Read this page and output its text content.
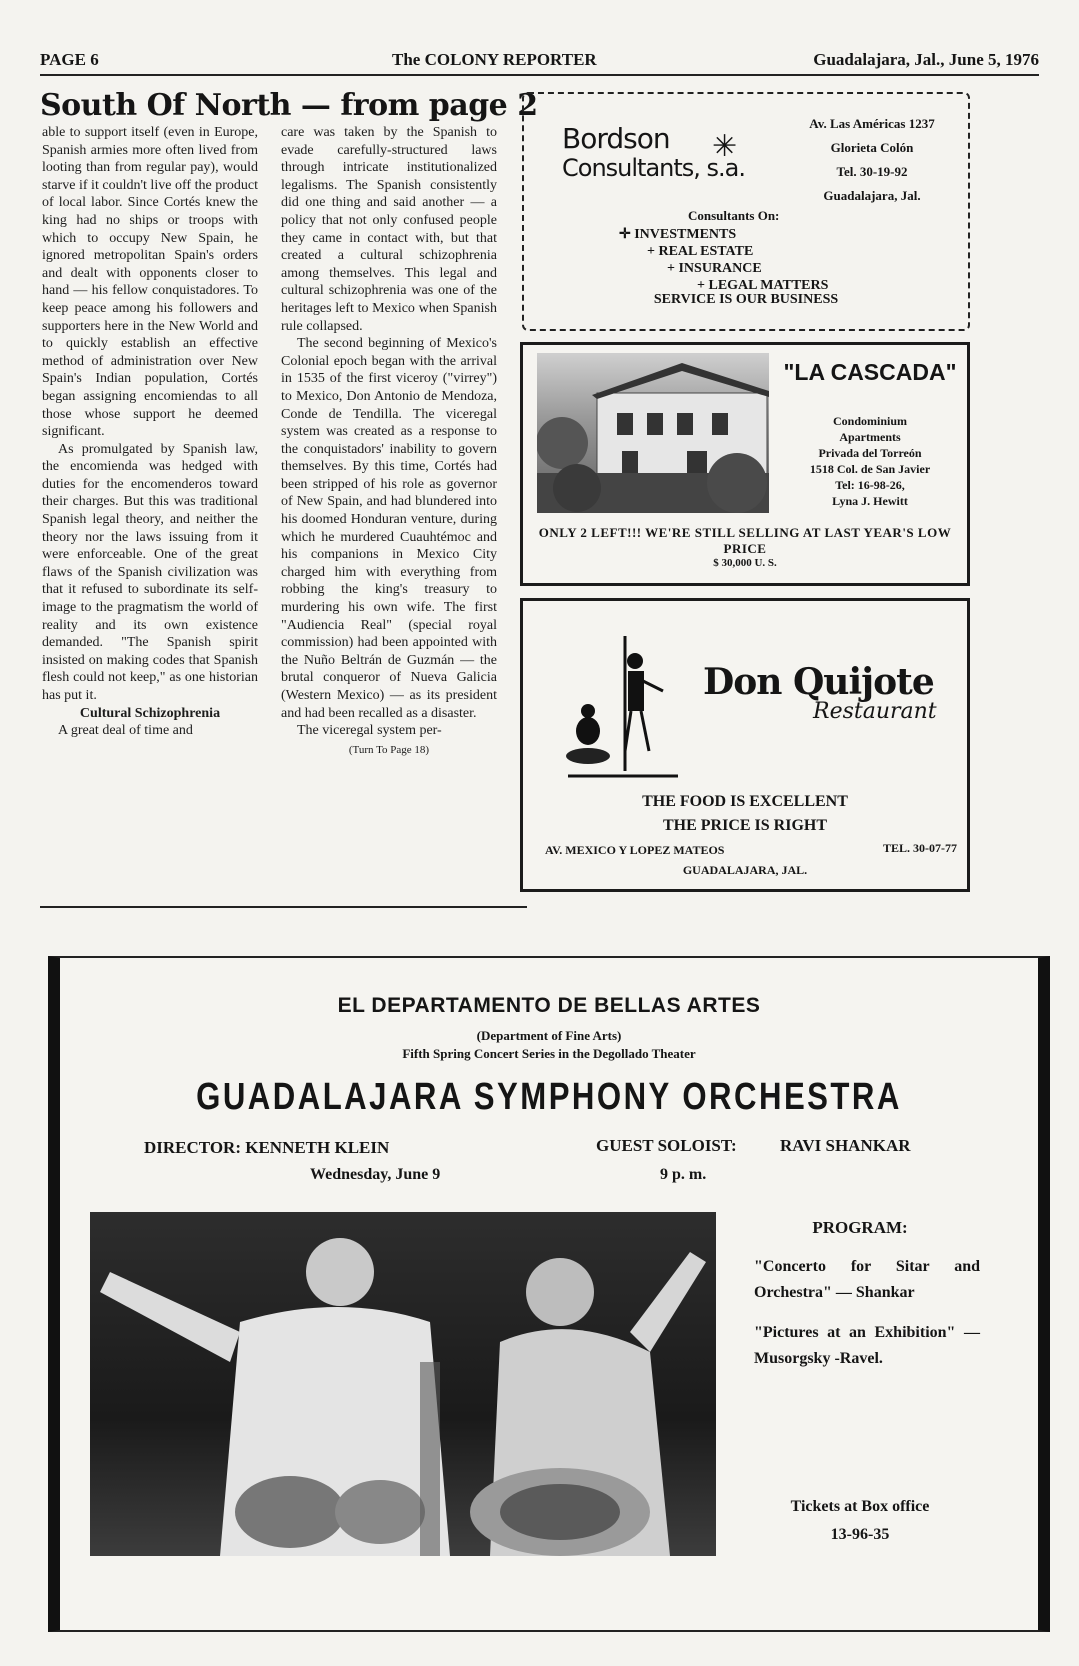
PAGE 6	The COLONY REPORTER	Guadalajara, Jal., June 5, 1976
South Of North — from page 2

able to support itself (even in Europe, Spanish armies more often lived from looting than from regular pay), would starve if it couldn't live off the product of local labor. Since Cortés knew the king had no ships or troops with which to occupy New Spain, he ignored metropolitan Spain's orders and dealt with opponents closer to hand — his fellow conquistadores. To keep peace among his followers and supporters here in the New World and to quickly establish an effective method of administration over New Spain's Indian population, Cortés began assigning encomiendas to all those whose support he deemed significant.

As promulgated by Spanish law, the encomienda was hedged with duties for the encomenderos toward their charges. But this was traditional Spanish legal theory, and neither the theory nor the laws issuing from it were enforceable. One of the great flaws of the Spanish civilization was that it refused to subordinate its self-image to the pragmatism the world of reality and its own existence demanded. "The Spanish spirit insisted on making codes that Spanish flesh could not keep," as one historian has put it.

Cultural Schizophrenia

A great deal of time and

care was taken by the Spanish to evade carefully-structured laws through intricate institutionalized legalisms. The Spanish consistently did one thing and said another — a policy that not only confused people they came in contact with, but that created a cultural schizophrenia among themselves. This legal and cultural schizophrenia was one of the heritages left to Mexico when Spanish rule collapsed.

The second beginning of Mexico's Colonial epoch began with the arrival in 1535 of the first viceroy ("virrey") to Mexico, Don Antonio de Mendoza, Conde de Tendilla. The viceregal system was created as a response to the conquistadors' inability to govern themselves. By this time, Cortés had been stripped of his role as governor of New Spain, and had blundered into his doomed Honduran venture, during which he murdered Cuauhtémoc and his companions in Mexico City charged him with everything from robbing the king's treasury to murdering his own wife. The first "Audiencia Real" (special royal commission) had been appointed with the Nuño Beltrán de Guzmán — the brutal conqueror of Nueva Galicia (Western Mexico) — as its president and had been recalled as a disaster.

The viceregal system per-

(Turn To Page 18)
Bordson
Consultants, s.a.
✳
Av. Las Américas 1237
Glorieta Colón
Tel. 30-19-92
Guadalajara, Jal.
Consultants On:
✛ INVESTMENTS
+ REAL ESTATE
+ INSURANCE
+ LEGAL MATTERS
SERVICE IS OUR BUSINESS
"LA CASCADA"
Condominium
Apartments
Privada del Torreón
1518 Col. de San Javier
Tel: 16-98-26,
Lyna J. Hewitt
ONLY 2 LEFT!!! WE'RE STILL SELLING AT LAST YEAR'S LOW PRICE
$ 30,000 U. S.
Don Quijote
Restaurant
THE FOOD IS EXCELLENT
THE PRICE IS RIGHT
AV. MEXICO Y LOPEZ MATEOS	TEL. 30-07-77
GUADALAJARA, JAL.
EL DEPARTAMENTO DE BELLAS ARTES
(Department of Fine Arts)
Fifth Spring Concert Series in the Degollado Theater
GUADALAJARA SYMPHONY ORCHESTRA
DIRECTOR: KENNETH KLEIN
Wednesday, June 9
GUEST SOLOIST:	RAVI SHANKAR
9 p. m.
PROGRAM:
"Concerto for Sitar and Orchestra" — Shankar
"Pictures at an Exhibition" — Musorgsky -Ravel.
Tickets at Box office
13-96-35
